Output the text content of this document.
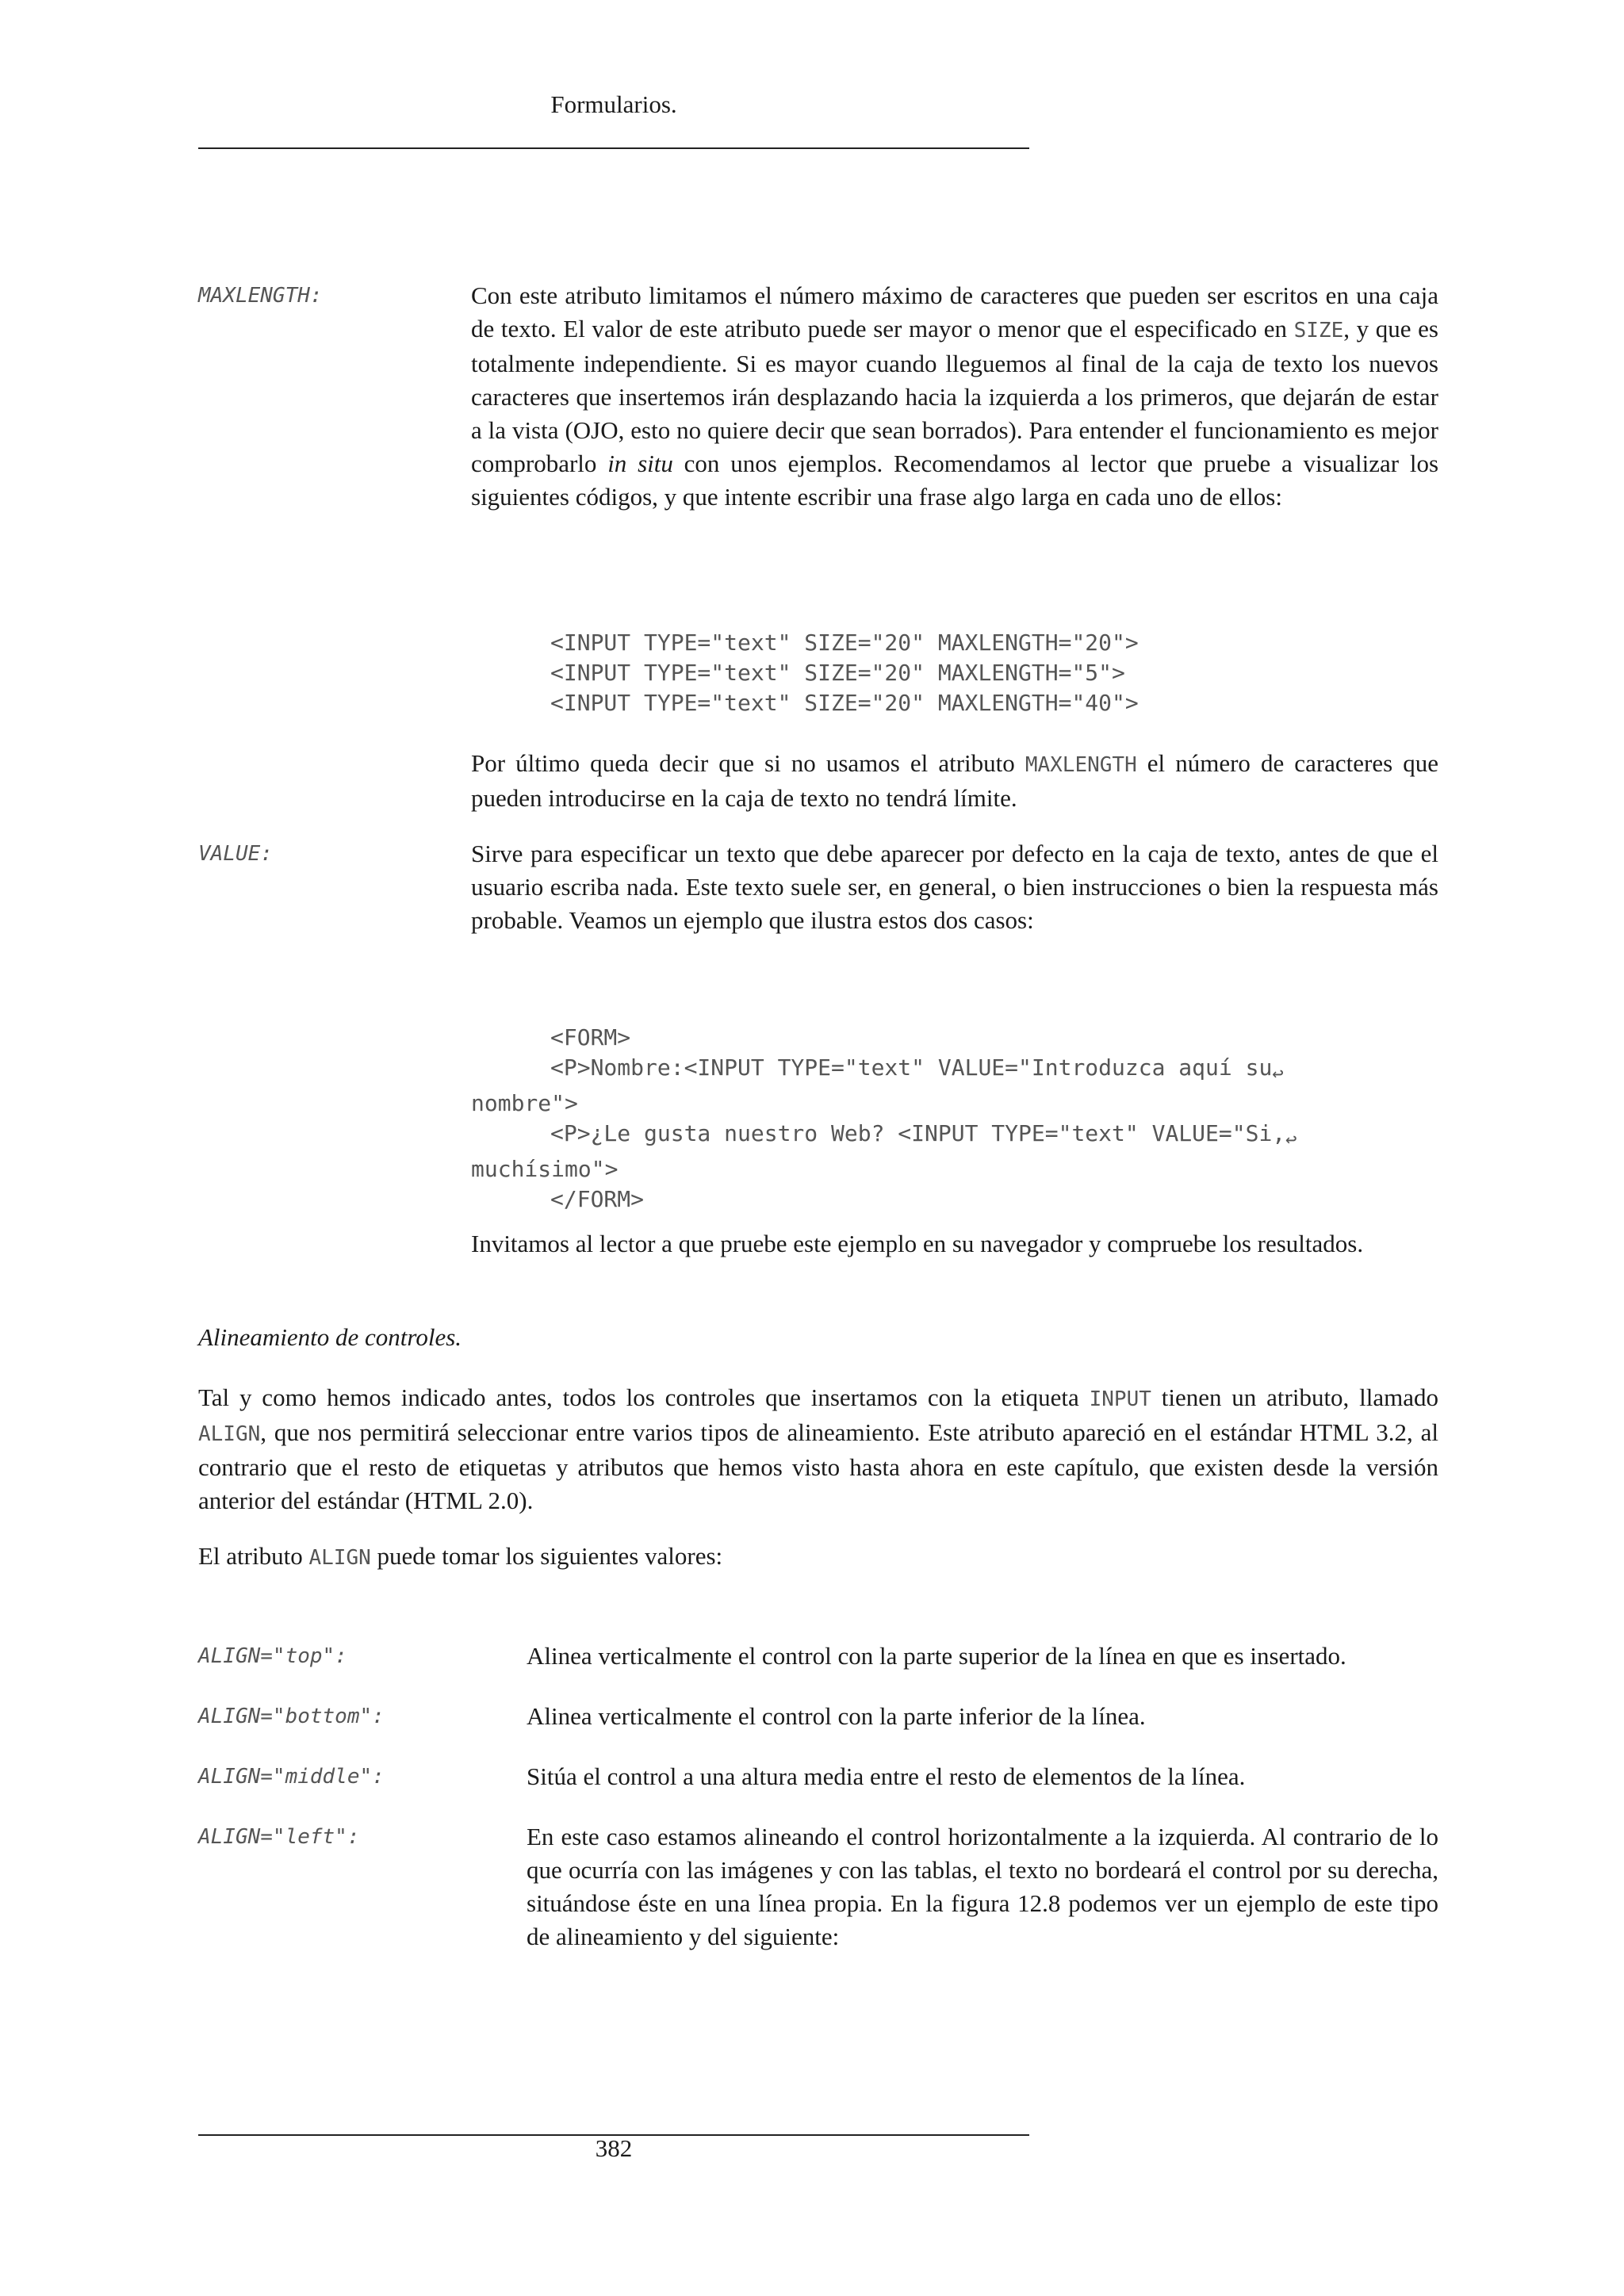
Formularios.
MAXLENGTH:	Con este atributo limitamos el número máximo de caracteres que pueden ser escritos en una caja de texto. El valor de este atributo puede ser mayor o menor que el especificado en SIZE, y que es totalmente independiente. Si es mayor cuando lleguemos al final de la caja de texto los nuevos caracteres que insertemos irán desplazando hacia la izquierda a los primeros, que dejarán de estar a la vista (OJO, esto no quiere decir que sean borrados). Para entender el funcionamiento es mejor comprobarlo in situ con unos ejemplos. Recomendamos al lector que pruebe a visualizar los siguientes códigos, y que intente escribir una frase algo larga en cada uno de ellos:

<INPUT TYPE="text" SIZE="20" MAXLENGTH="20">
<INPUT TYPE="text" SIZE="20" MAXLENGTH="5">
<INPUT TYPE="text" SIZE="20" MAXLENGTH="40">
Por último queda decir que si no usamos el atributo MAXLENGTH el número de caracteres que pueden introducirse en la caja de texto no tendrá límite.
VALUE:	Sirve para especificar un texto que debe aparecer por defecto en la caja de texto, antes de que el usuario escriba nada. Este texto suele ser, en general, o bien instrucciones o bien la respuesta más probable. Veamos un ejemplo que ilustra estos dos casos:

<FORM>
<P>Nombre:<INPUT TYPE="text" VALUE="Introduzca aquí su↩
nombre">
<P>¿Le gusta nuestro Web? <INPUT TYPE="text" VALUE="Si,↩
muchísimo">
</FORM>
Invitamos al lector a que pruebe este ejemplo en su navegador y compruebe los resultados.
Alineamiento de controles.
Tal y como hemos indicado antes, todos los controles que insertamos con la etiqueta INPUT tienen un atributo, llamado ALIGN, que nos permitirá seleccionar entre varios tipos de alineamiento. Este atributo apareció en el estándar HTML 3.2, al contrario que el resto de etiquetas y atributos que hemos visto hasta ahora en este capítulo, que existen desde la versión anterior del estándar (HTML 2.0).
El atributo ALIGN puede tomar los siguientes valores:
ALIGN="top":	Alinea verticalmente el control con la parte superior de la línea en que es insertado.
ALIGN="bottom":	Alinea verticalmente el control con la parte inferior de la línea.
ALIGN="middle":	Sitúa el control a una altura media entre el resto de elementos de la línea.
ALIGN="left":	En este caso estamos alineando el control horizontalmente a la izquierda. Al contrario de lo que ocurría con las imágenes y con las tablas, el texto no bordeará el control por su derecha, situándose éste en una línea propia. En la figura 12.8 podemos ver un ejemplo de este tipo de alineamiento y del siguiente:
382
